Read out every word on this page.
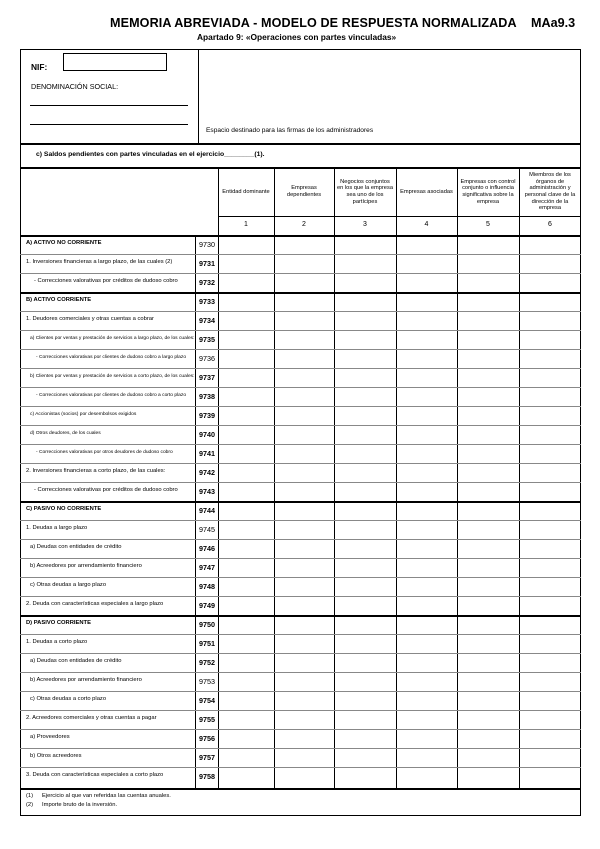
MEMORIA ABREVIADA - MODELO DE RESPUESTA NORMALIZADA
Apartado 9: «Operaciones con partes vinculadas»
MAa9.3
NIF:
DENOMINACIÓN SOCIAL:
Espacio destinado para las firmas de los administradores
c) Saldos pendientes con partes vinculadas en el ejercicio________(1).
Entidad dominante
1
Empresas dependientes
2
Negocios conjuntos en los que la empresa sea uno de los partícipes
3
Empresas asociadas
4
Empresas con control conjunto o influencia significativa sobre la empresa
5
Miembros de los órganos de administración y personal clave de la dirección de la empresa
6
A) ACTIVO NO CORRIENTE	9730
1. Inversiones financieras a largo plazo, de las cuales (2)	9731
- Correcciones valorativas por créditos de dudoso cobro	9732
B) ACTIVO CORRIENTE	9733
1. Deudores comerciales y otras cuentas a cobrar	9734
a) Clientes por ventas y prestación de servicios a largo plazo, de los cuales: 9735
- Correcciones valorativas por clientes de dudoso cobro a largo plazo	9736
b) Clientes por ventas y prestación de servicios a corto plazo, de los cuales: 9737
- Correcciones valorativas por clientes de dudoso cobro a corto plazo	9738
c) Accionistas (socios) por desembolsos exigidos	9739
d) Otros deudores, de los cuales	9740
- Correcciones valorativas por otros deudores de dudoso cobro	9741
2. Inversiones financieras a corto plazo, de las cuales:	9742
- Correcciones valorativas por créditos de dudoso cobro	9743
C) PASIVO NO CORRIENTE	9744
1. Deudas a largo plazo	9745
a) Deudas con entidades de crédito	9746
b) Acreedores por arrendamiento financiero	9747
c) Otras deudas a largo plazo	9748
2. Deuda con características especiales a largo plazo	9749
D) PASIVO CORRIENTE	9750
1. Deudas a corto plazo	9751
a) Deudas con entidades de crédito	9752
b) Acreedores por arrendamiento financiero	9753
c) Otras deudas a corto plazo	9754
2. Acreedores comerciales y otras cuentas a pagar	9755
a) Proveedores	9756
b) Otros acreedores	9757
3. Deuda con características especiales a corto plazo	9758
(1) Ejercicio al que van referidas las cuentas anuales.
(2) Importe bruto de la inversión.
